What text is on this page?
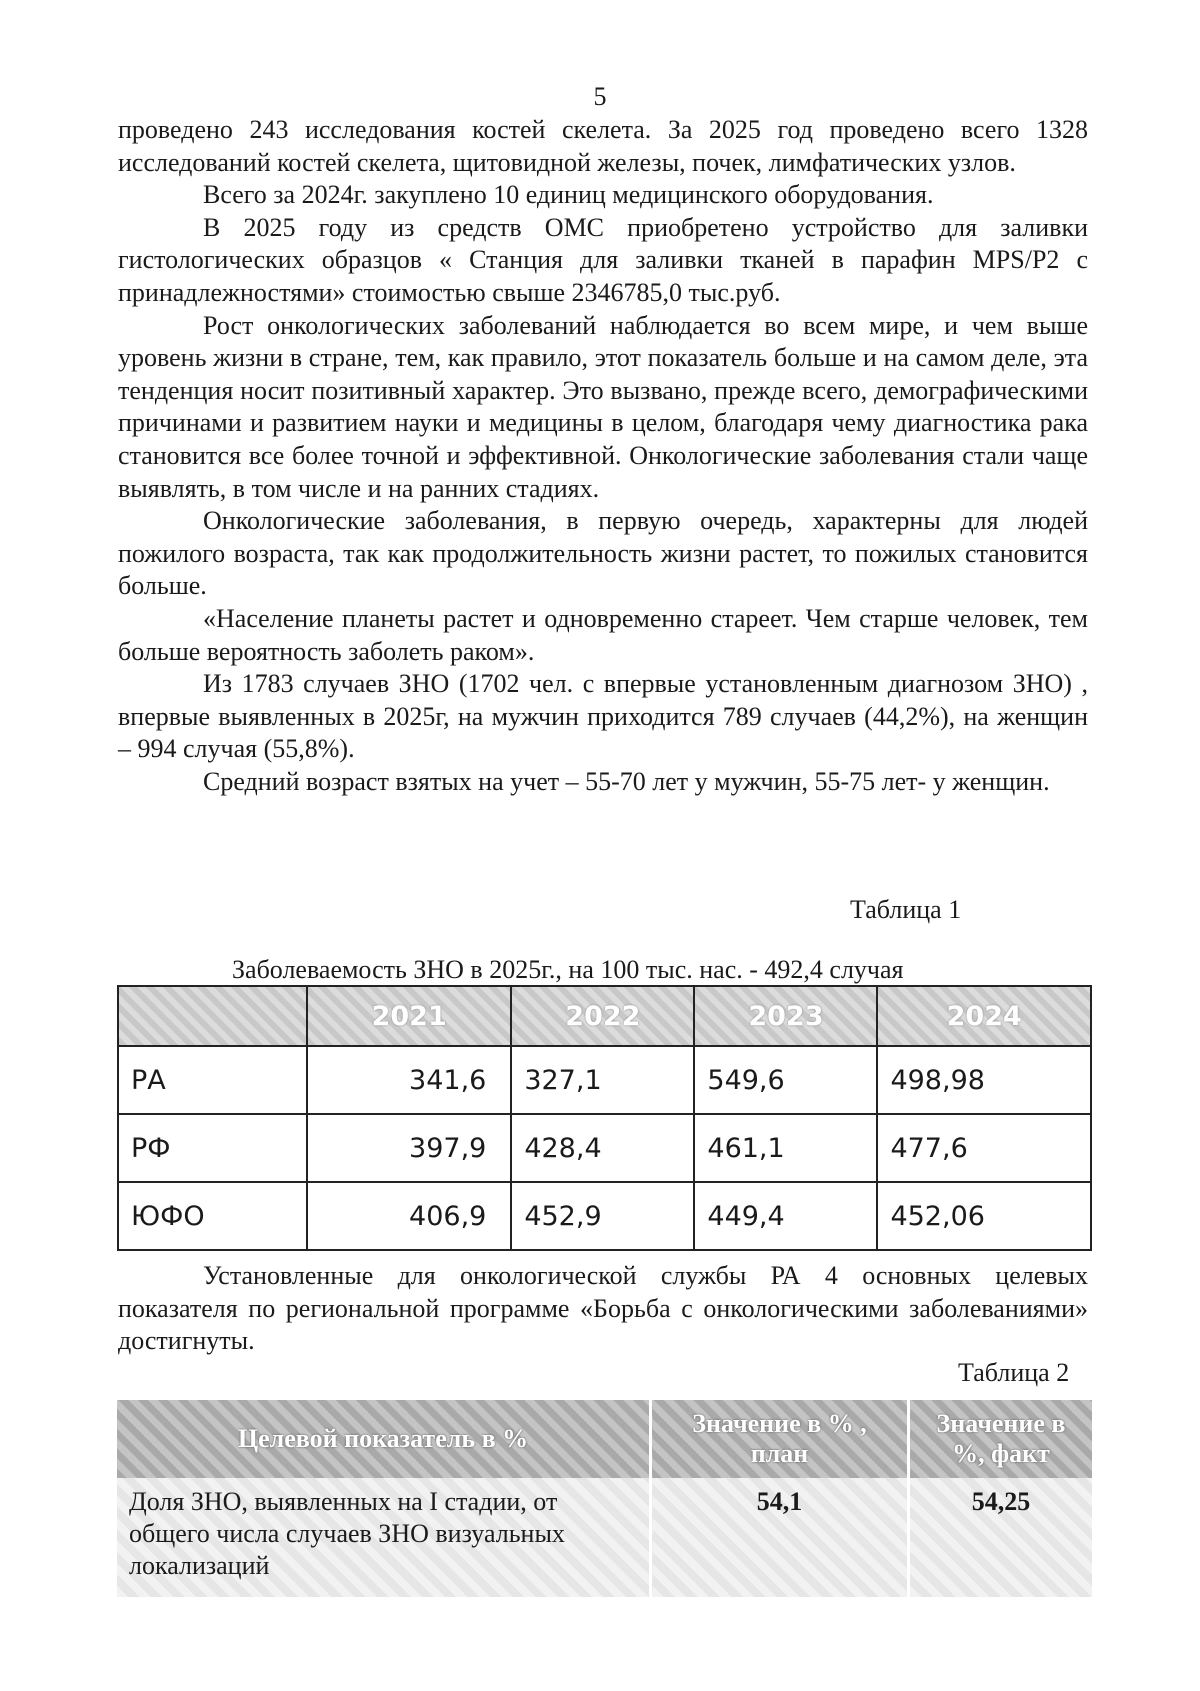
5

проведено 243 исследования костей скелета. За 2025 год проведено всего 1328 исследований костей скелета, щитовидной железы, почек, лимфатических узлов.

Всего за 2024г. закуплено 10 единиц медицинского оборудования.

В 2025 году из средств ОМС приобретено устройство для заливки гистологических образцов « Станция для заливки тканей в парафин MPS/P2 с принадлежностями» стоимостью свыше 2346785,0 тыс.руб.

Рост онкологических заболеваний наблюдается во всем мире, и чем выше уровень жизни в стране, тем, как правило, этот показатель больше и на самом деле, эта тенденция носит позитивный характер. Это вызвано, прежде всего, демографическими причинами и развитием науки и медицины в целом, благодаря чему диагностика рака становится все более точной и эффективной. Онкологические заболевания стали чаще выявлять, в том числе и на ранних стадиях.

Онкологические заболевания, в первую очередь, характерны для людей пожилого возраста, так как продолжительность жизни растет, то пожилых становится больше.

«Население планеты растет и одновременно стареет. Чем старше человек, тем больше вероятность заболеть раком».

Из 1783 случаев ЗНО (1702 чел. с впервые установленным диагнозом ЗНО) , впервые выявленных в 2025г, на мужчин приходится 789 случаев (44,2%), на женщин – 994 случая (55,8%).

Средний возраст взятых на учет – 55-70 лет у мужчин, 55-75 лет- у женщин.

Таблица 1
Заболеваемость ЗНО в 2025г., на 100 тыс. нас. - 492,4 случая
	2021	2022	2023	2024
РА	341,6	327,1	549,6	498,98
РФ	397,9	428,4	461,1	477,6
ЮФО	406,9	452,9	449,4	452,06

Установленные для онкологической службы РА 4 основных целевых показателя по региональной программе «Борьба с онкологическими заболеваниями» достигнуты.

Таблица 2
Целевой показатель в %	Значение в % , план	Значение в %, факт
Доля ЗНО, выявленных на I стадии, от общего числа случаев ЗНО визуальных локализаций	54,1	54,25
